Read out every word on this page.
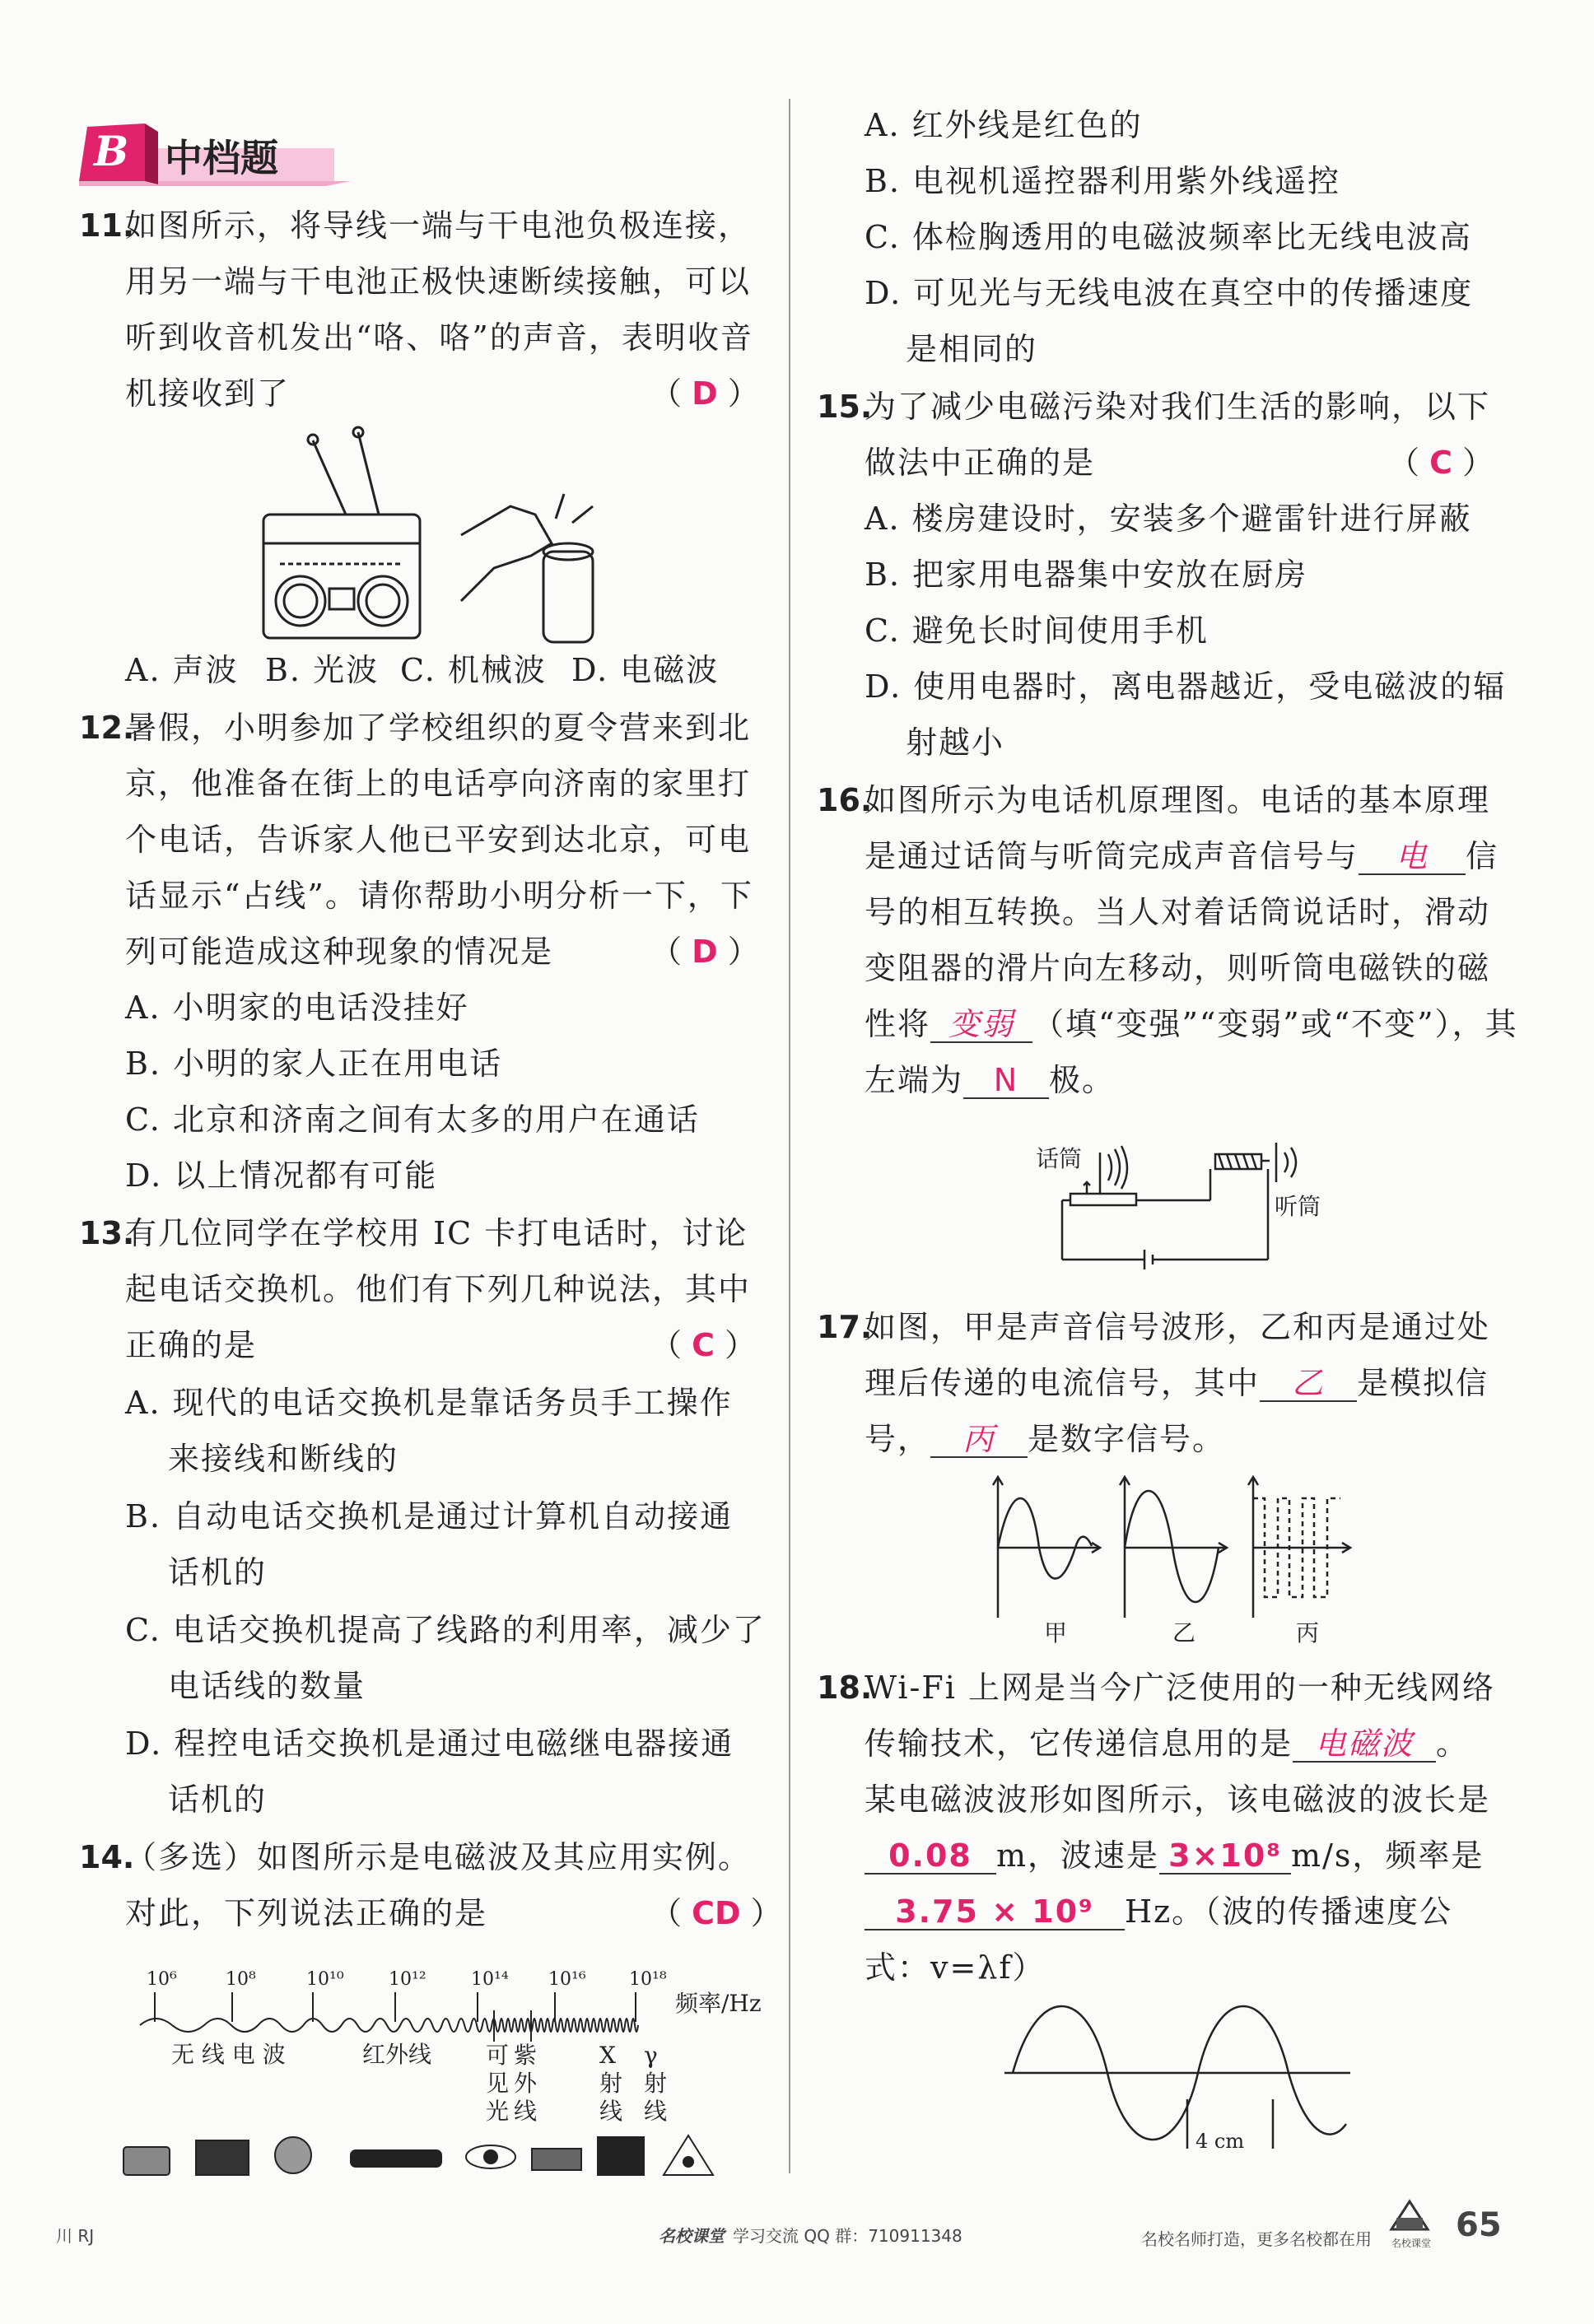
B 中档题
11.
如图所示，将导线一端与干电池负极连接，
用另一端与干电池正极快速断续接触，可以
听到收音机发出“咯、咯”的声音，表明收音
机接收到了	（ D ）
A. 声波 B. 光波 C. 机械波 D. 电磁波
12.
暑假，小明参加了学校组织的夏令营来到北
京，他准备在街上的电话亭向济南的家里打
个电话，告诉家人他已平安到达北京，可电
话显示“占线”。请你帮助小明分析一下，下
列可能造成这种现象的情况是	（ D ）
A. 小明家的电话没挂好
B. 小明的家人正在用电话
C. 北京和济南之间有太多的用户在通话
D. 以上情况都有可能
13.
有几位同学在学校用 IC 卡打电话时，讨论
起电话交换机。他们有下列几种说法，其中
正确的是	（ C ）
A. 现代的电话交换机是靠话务员手工操作
来接线和断线的
B. 自动电话交换机是通过计算机自动接通
话机的
C. 电话交换机提高了线路的利用率，减少了
电话线的数量
D. 程控电话交换机是通过电磁继电器接通
话机的
14.
（多选）如图所示是电磁波及其应用实例。
对此，下列说法正确的是	（ CD ）
10⁶	10⁸	10¹⁰ 10¹² 10¹⁴ 10¹⁶ 10¹⁸
频率/Hz
无 线 电 波	红外线 可见光
紫外线
X射线
γ射线
A. 红外线是红色的
B. 电视机遥控器利用紫外线遥控
C. 体检胸透用的电磁波频率比无线电波高
D. 可见光与无线电波在真空中的传播速度
是相同的
15.
为了减少电磁污染对我们生活的影响，以下
做法中正确的是	（ C ）
A. 楼房建设时，安装多个避雷针进行屏蔽
B. 把家用电器集中安放在厨房
C. 避免长时间使用手机
D. 使用电器时，离电器越近，受电磁波的辐
射越小
16.
如图所示为电话机原理图。电话的基本原理
是通过话筒与听筒完成声音信号与 电 信
号的相互转换。当人对着话筒说话时，滑动
变阻器的滑片向左移动，则听筒电磁铁的磁
性将 变弱 （填“变强”“变弱”或“不变”），其
左端为 N 极。
话筒
听筒
17.
如图，甲是声音信号波形，乙和丙是通过处
理后传递的电流信号，其中 乙 是模拟信
号， 丙 是数字信号。
甲	乙	丙
18.
Wi-Fi 上网是当今广泛使用的一种无线网络
传输技术，它传递信息用的是 电磁波 。
某电磁波波形如图所示，该电磁波的波长是
0.08 m，波速是 3×10⁸ m/s，频率是
3.75 × 10⁹ Hz。（波的传播速度公
式：v=λf）
4 cm
川 RJ	名校课堂 学习交流 QQ 群：710911348	名校名师打造，更多名校都在用 名校课堂 65
